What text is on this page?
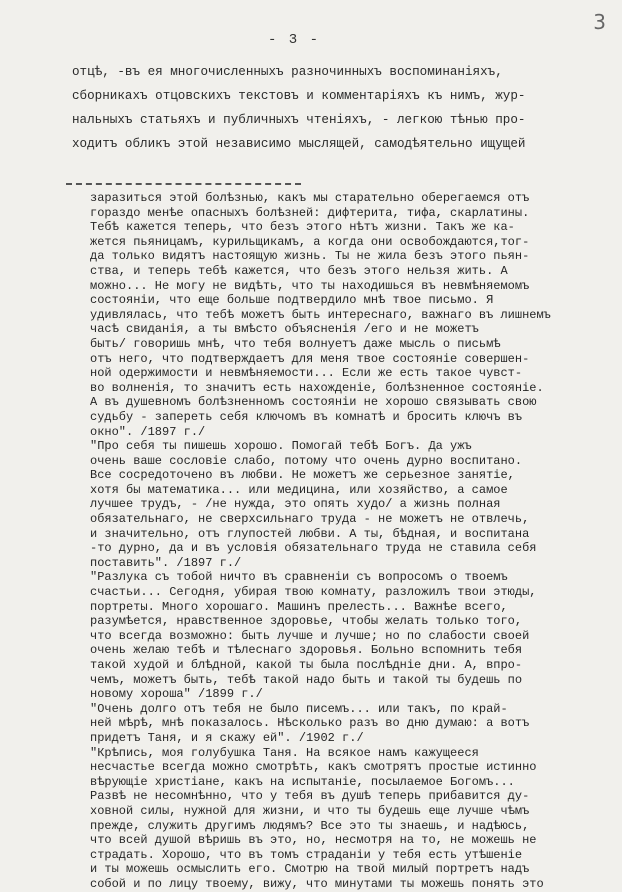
3
- 3 -
отцѣ, -въ ея многочисленныхъ разночинныхъ воспоминаніяхъ,
сборникахъ отцовскихъ текстовъ и комментаріяхъ къ нимъ, жур-
нальныхъ статьяхъ и публичныхъ чтеніяхъ, - легкою тѣнью про-
ходитъ обликъ этой независимо мыслящей, самодѣятельно ищущей
заразиться этой болѣзнью, какъ мы старательно оберегаемся отъ
гораздо менѣе опасныхъ болѣзней: дифтерита, тифа, скарлатины.
Тебѣ кажется теперь, что безъ этого нѣтъ жизни. Такъ же ка-
жется пьяницамъ, курильщикамъ, а когда они освобождаются,тог-
да только видятъ настоящую жизнь. Ты не жила безъ этого пьян-
ства, и теперь тебѣ кажется, что безъ этого нельзя жить. А
можно... Не могу не видѣть, что ты находишься въ невмѣняемомъ
состояніи, что еще больше подтвердило мнѣ твое письмо. Я
удивлялась, что тебѣ можетъ быть интереснаго, важнаго въ лишнемъ
часѣ свиданія, а ты вмѣсто объясненія /его и не можетъ
быть/ говоришь мнѣ, что тебя волнуетъ даже мысль о письмѣ
отъ него, что подтверждаетъ для меня твое состояніе совершен-
ной одержимости и невмѣняемости... Если же есть такое чувст-
во волненія, то значитъ есть нахожденіе, болѣзненное состояніе.
А въ душевномъ болѣзненномъ состояніи не хорошо связывать свою
судьбу - запереть себя ключомъ въ комнатѣ и бросить ключъ въ
окно". /1897 г./
"Про себя ты пишешь хорошо. Помогай тебѣ Богъ. Да ужъ
очень ваше сословіе слабо, потому что очень дурно воспитано.
Все сосредоточено въ любви. Не можетъ же серьезное занятіе,
хотя бы математика... или медицина, или хозяйство, а самое
лучшее трудъ, - /не нужда, это опять худо/ а жизнь полная
обязательнаго, не сверхсильнаго труда - не можетъ не отвлечь,
и значительно, отъ глупостей любви. А ты, бѣдная, и воспитана
-то дурно, да и въ условія обязательнаго труда не ставила себя
поставить". /1897 г./
"Разлука съ тобой ничто въ сравненіи съ вопросомъ о твоемъ
счастьи... Сегодня, убирая твою комнату, разложилъ твои этюды,
портреты. Много хорошаго. Машинъ прелесть... Важнѣе всего,
разумѣется, нравственное здоровье, чтобы желать только того,
что всегда возможно: быть лучше и лучше; но по слабости своей
очень желаю тебѣ и тѣлеснаго здоровья. Больно вспомнить тебя
такой худой и блѣдной, какой ты была послѣдніе дни. А, впро-
чемъ, можетъ быть, тебѣ такой надо быть и такой ты будешь по
новому хороша" /1899 г./
"Очень долго отъ тебя не было писемъ... или такъ, по край-
ней мѣрѣ, мнѣ показалось. Нѣсколько разъ во дню думаю: а вотъ
придетъ Таня, и я скажу ей". /1902 г./
"Крѣпись, моя голубушка Таня. На всякое намъ кажущееся
несчастье всегда можно смотрѣть, какъ смотрятъ простые истинно
вѣрующіе христіане, какъ на испытаніе, посылаемое Богомъ...
Развѣ не несомнѣнно, что у тебя въ душѣ теперь прибавится ду-
ховной силы, нужной для жизни, и что ты будешь еще лучше чѣмъ
прежде, служить другимъ людямъ? Все это ты знаешь, и надѣюсь,
что всей душой вѣришь въ это, но, несмотря на то, не можешь не
страдать. Хорошо, что въ томъ страданіи у тебя есть утѣшеніе
и ты можешь осмыслить его. Смотрю на твой милый портретъ надъ
собой и по лицу твоему, вижу, что минутами ты можешь понять это
